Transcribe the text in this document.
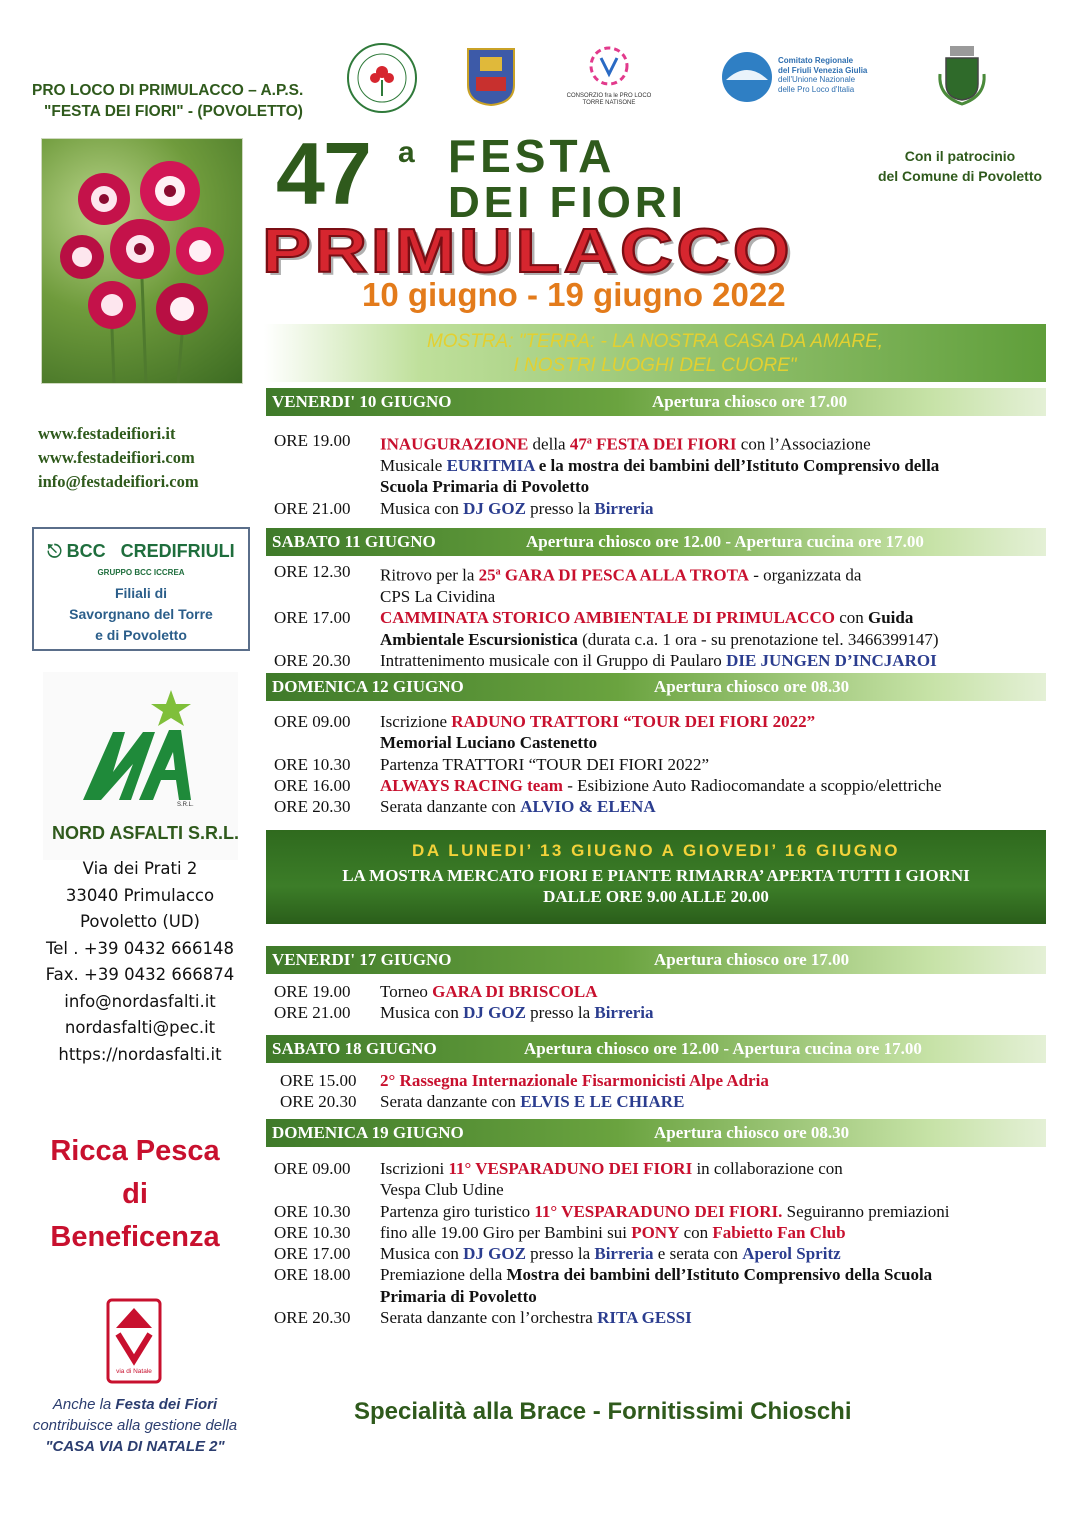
PRO LOCO DI PRIMULACCO – A.P.S.
"FESTA DEI FIORI" - (POVOLETTO)
CONSORZIO fra le PRO LOCO
TORRE NATISONE
Comitato Regionale
del Friuli Venezia Giulia
dell'Unione Nazionale
delle Pro Loco d'Italia
47 a FESTA
DEI FIORI
PRIMULACCO
10 giugno - 19 giugno 2022
Con il patrocinio
del Comune di Povoletto
MOSTRA: "TERRA: - LA NOSTRA CASA DA AMARE,
I NOSTRI LUOGHI DEL CUORE"
www.festadeifiori.it
www.festadeifiori.com
info@festadeifiori.com
⎋ BCC CREDIFRIULI
GRUPPO BCC ICCREA
Filiali di
Savorgnano del Torre
e di Povoletto
S.R.L.
NORD ASFALTI S.R.L.
Via dei Prati 2
33040 Primulacco
Povoletto (UD)
Tel . +39 0432 666148
Fax. +39 0432 666874
info@nordasfalti.it
nordasfalti@pec.it
https://nordasfalti.it
Ricca Pesca
di
Beneficenza
via di Natale
Anche la Festa dei Fiori
contribuisce alla gestione della
"CASA VIA DI NATALE 2"
VENERDI' 10 GIUGNO	Apertura chiosco ore 17.00
ORE 19.00	INAUGURAZIONE della 47$^a$ FESTA DEI FIORI con l’Associazione
Musicale EURITMIA e la mostra dei bambini dell’Istituto Comprensivo della
Scuola Primaria di Povoletto
ORE 21.00	Musica con DJ GOZ presso la Birreria
SABATO 11 GIUGNO	Apertura chiosco ore 12.00 - Apertura cucina ore 17.00
ORE 12.30	Ritrovo per la 25$^a$ GARA DI PESCA ALLA TROTA - organizzata da
CPS La Cividina
ORE 17.00	CAMMINATA STORICO AMBIENTALE DI PRIMULACCO con Guida
Ambientale Escursionistica (durata c.a. 1 ora - su prenotazione tel. 3466399147)
ORE 20.30	Intrattenimento musicale con il Gruppo di Paularo DIE JUNGEN D’INCJAROI
DOMENICA 12 GIUGNO	Apertura chiosco ore 08.30
ORE 09.00	Iscrizione RADUNO TRATTORI “TOUR DEI FIORI 2022”
Memorial Luciano Castenetto
ORE 10.30	Partenza TRATTORI “TOUR DEI FIORI 2022”
ORE 16.00	ALWAYS RACING team - Esibizione Auto Radiocomandate a scoppio/elettriche
ORE 20.30	Serata danzante con ALVIO & ELENA
DA LUNEDI’ 13 GIUGNO A GIOVEDI’ 16 GIUGNO
LA MOSTRA MERCATO FIORI E PIANTE RIMARRA’ APERTA TUTTI I GIORNI
DALLE ORE 9.00 ALLE 20.00
VENERDI' 17 GIUGNO	Apertura chiosco ore 17.00
ORE 19.00	Torneo GARA DI BRISCOLA
ORE 21.00	Musica con DJ GOZ presso la Birreria
SABATO 18 GIUGNO	Apertura chiosco ore 12.00 - Apertura cucina ore 17.00
ORE 15.00	2° Rassegna Internazionale Fisarmonicisti Alpe Adria
ORE 20.30	Serata danzante con ELVIS E LE CHIARE
DOMENICA 19 GIUGNO	Apertura chiosco ore 08.30
ORE 09.00	Iscrizioni 11° VESPARADUNO DEI FIORI in collaborazione con
Vespa Club Udine
ORE 10.30	Partenza giro turistico 11° VESPARADUNO DEI FIORI. Seguiranno premiazioni
ORE 10.30	fino alle 19.00 Giro per Bambini sui PONY con Fabietto Fan Club
ORE 17.00	Musica con DJ GOZ presso la Birreria e serata con Aperol Spritz
ORE 18.00	Premiazione della Mostra dei bambini dell’Istituto Comprensivo della Scuola
Primaria di Povoletto
ORE 20.30	Serata danzante con l’orchestra RITA GESSI
Specialità alla Brace - Fornitissimi Chioschi
